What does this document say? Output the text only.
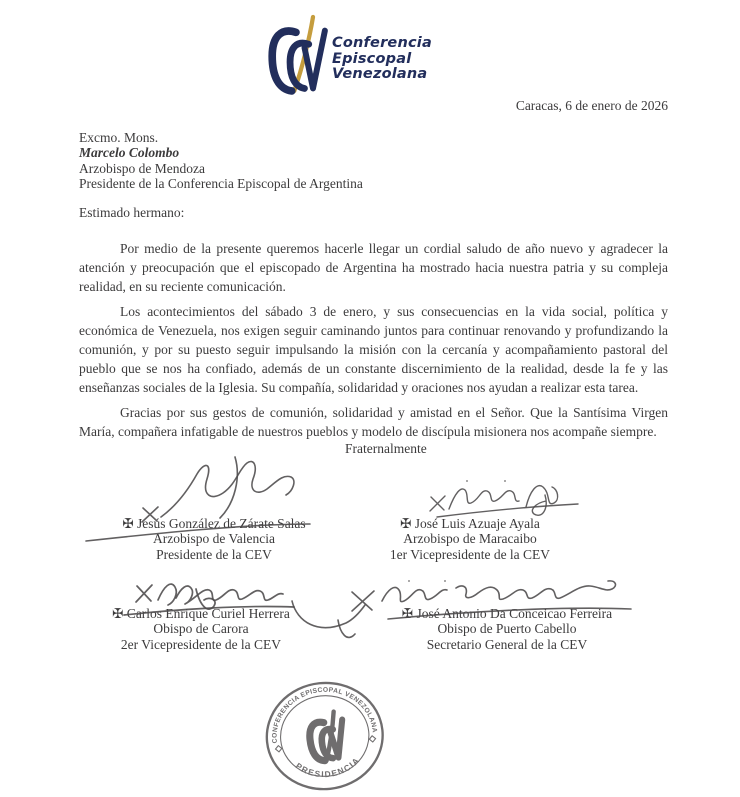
Conferencia
Episcopal
Venezolana
Caracas, 6 de enero de 2026
Excmo. Mons.
Marcelo Colombo
Arzobispo de Mendoza
Presidente de la Conferencia Episcopal de Argentina
Estimado hermano:

Por medio de la presente queremos hacerle llegar un cordial saludo de año nuevo y agradecer la atención y preocupación que el episcopado de Argentina ha mostrado hacia nuestra patria y su compleja realidad, en su reciente comunicación.

Los acontecimientos del sábado 3 de enero, y sus consecuencias en la vida social, política y económica de Venezuela, nos exigen seguir caminando juntos para continuar renovando y profundizando la comunión, y por su puesto seguir impulsando la misión con la cercanía y acompañamiento pastoral del pueblo que se nos ha confiado, además de un constante discernimiento de la realidad, desde la fe y las enseñanzas sociales de la Iglesia. Su compañía, solidaridad y oraciones nos ayudan a realizar esta tarea.

Gracias por sus gestos de comunión, solidaridad y amistad en el Señor. Que la Santísima Virgen María, compañera infatigable de nuestros pueblos y modelo de discípula misionera nos acompañe siempre.

Fraternalmente
✠ Jesús González de Zárate Salas
Arzobispo de Valencia
Presidente de la CEV
✠ José Luis Azuaje Ayala
Arzobispo de Maracaibo
1er Vicepresidente de la CEV
✠ Carlos Enrique Curiel Herrera
Obispo de Carora
2er Vicepresidente de la CEV
✠ José Antonio Da Conceicao Ferreira
Obispo de Puerto Cabello
Secretario General de la CEV
CONFERENCIA EPISCOPAL VENEZOLANA
PRESIDENCIA
